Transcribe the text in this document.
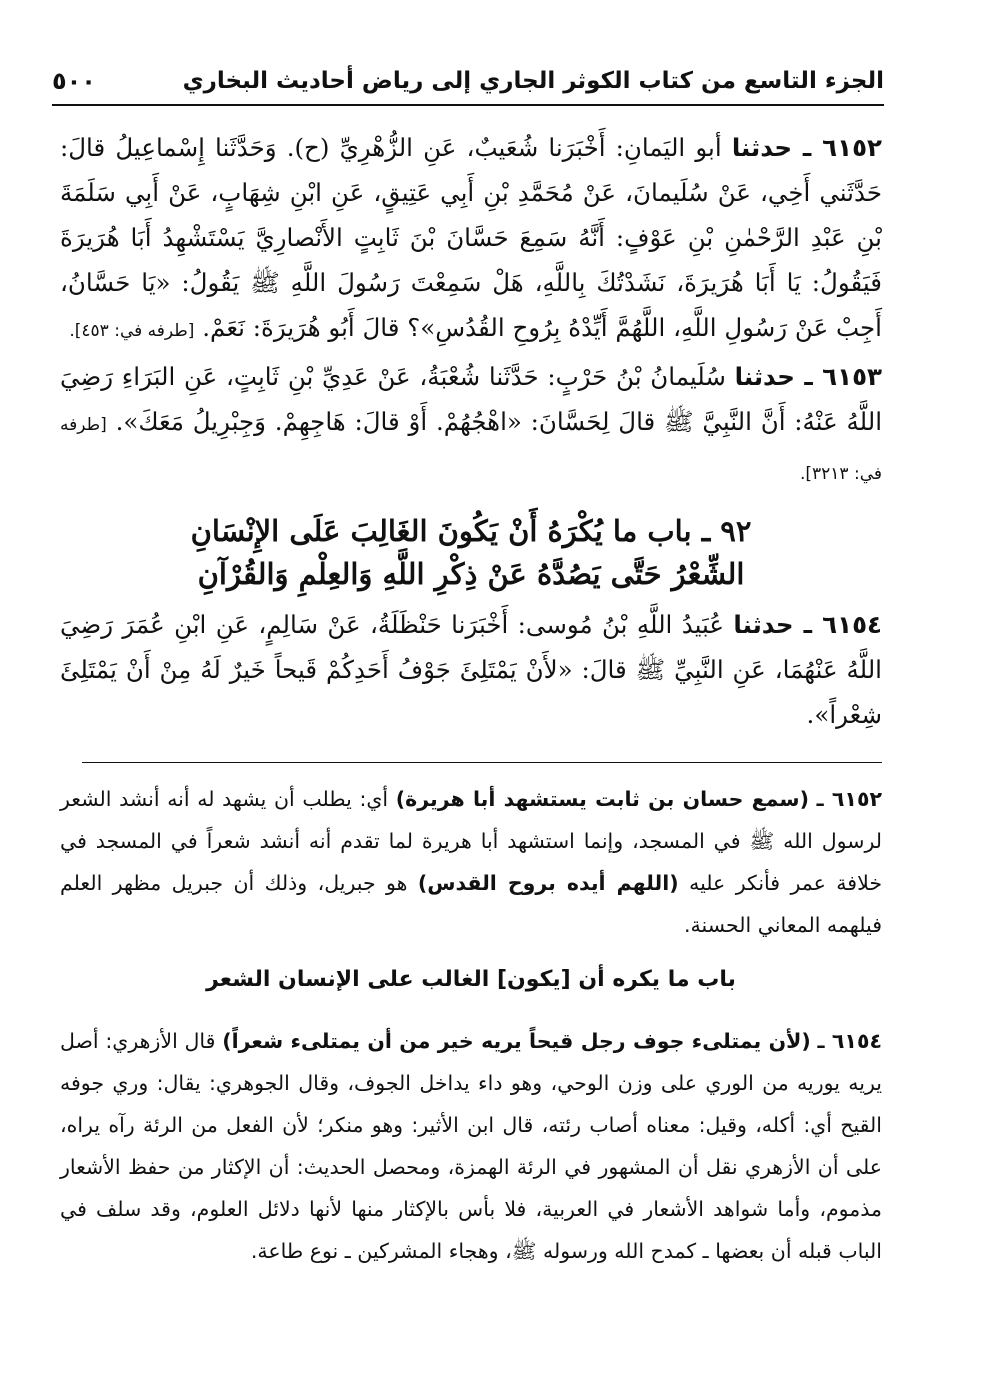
الجزء التاسع من كتاب الكوثر الجاري إلى رياض أحاديث البخاري
٥٠٠

٦١٥٢ ـ حدثنا أبو اليَمانِ: أَخْبَرَنا شُعَيبٌ، عَنِ الزُّهْرِيِّ (ح). وَحَدَّثَنا إِسْماعِيلُ قالَ: حَدَّثَني أَخِي، عَنْ سُلَيمانَ، عَنْ مُحَمَّدِ بْنِ أَبِي عَتِيقٍ، عَنِ ابْنِ شِهَابٍ، عَنْ أَبِي سَلَمَةَ بْنِ عَبْدِ الرَّحْمٰنِ بْنِ عَوْفٍ: أَنَّهُ سَمِعَ حَسَّانَ بْنَ ثَابِتٍ الأَنْصارِيَّ يَسْتَشْهِدُ أَبَا هُرَيرَةَ فَيَقُولُ: يَا أَبَا هُرَيرَةَ، نَشَدْتُكَ بِاللَّهِ، هَلْ سَمِعْتَ رَسُولَ اللَّهِ ﷺ يَقُولُ: «يَا حَسَّانُ، أَجِبْ عَنْ رَسُولِ اللَّهِ، اللَّهُمَّ أَيِّدْهُ بِرُوحِ القُدُسِ»؟ قالَ أَبُو هُرَيرَةَ: نَعَمْ. [طرفه في: ٤٥٣].

٦١٥٣ ـ حدثنا سُلَيمانُ بْنُ حَرْبٍ: حَدَّثَنا شُعْبَةُ، عَنْ عَدِيِّ بْنِ ثَابِتٍ، عَنِ البَرَاءِ رَضِيَ اللَّهُ عَنْهُ: أَنَّ النَّبِيَّ ﷺ قالَ لِحَسَّانَ: «اهْجُهُمْ. أَوْ قالَ: هَاجِهِمْ. وَجِبْرِيلُ مَعَكَ». [طرفه في: ٣٢١٣].

٩٢ ـ باب ما يُكْرَهُ أَنْ يَكُونَ الغَالِبَ عَلَى الإِنْسَانِ
الشِّعْرُ حَتَّى يَصُدَّهُ عَنْ ذِكْرِ اللَّهِ وَالعِلْمِ وَالقُرْآنِ

٦١٥٤ ـ حدثنا عُبَيدُ اللَّهِ بْنُ مُوسى: أَخْبَرَنا حَنْظَلَةُ، عَنْ سَالِمٍ، عَنِ ابْنِ عُمَرَ رَضِيَ اللَّهُ عَنْهُمَا، عَنِ النَّبِيِّ ﷺ قالَ: «لأَنْ يَمْتَلِئَ جَوْفُ أَحَدِكُمْ قَيحاً خَيرٌ لَهُ مِنْ أَنْ يَمْتَلِئَ شِعْراً».

٦١٥٢ ـ (سمع حسان بن ثابت يستشهد أبا هريرة) أي: يطلب أن يشهد له أنه أنشد الشعر لرسول الله ﷺ في المسجد، وإنما استشهد أبا هريرة لما تقدم أنه أنشد شعراً في المسجد في خلافة عمر فأنكر عليه (اللهم أيده بروح القدس) هو جبريل، وذلك أن جبريل مظهر العلم فيلهمه المعاني الحسنة.

باب ما يكره أن [يكون] الغالب على الإنسان الشعر

٦١٥٤ ـ (لأن يمتلىء جوف رجل قيحاً يريه خير من أن يمتلىء شعراً) قال الأزهري: أصل يريه يوريه من الوري على وزن الوحي، وهو داء يداخل الجوف، وقال الجوهري: يقال: وري جوفه القيح أي: أكله، وقيل: معناه أصاب رئته، قال ابن الأثير: وهو منكر؛ لأن الفعل من الرئة رآه يراه، على أن الأزهري نقل أن المشهور في الرئة الهمزة، ومحصل الحديث: أن الإكثار من حفظ الأشعار مذموم، وأما شواهد الأشعار في العربية، فلا بأس بالإكثار منها لأنها دلائل العلوم، وقد سلف في الباب قبله أن بعضها ـ كمدح الله ورسوله ﷺ، وهجاء المشركين ـ نوع طاعة.
